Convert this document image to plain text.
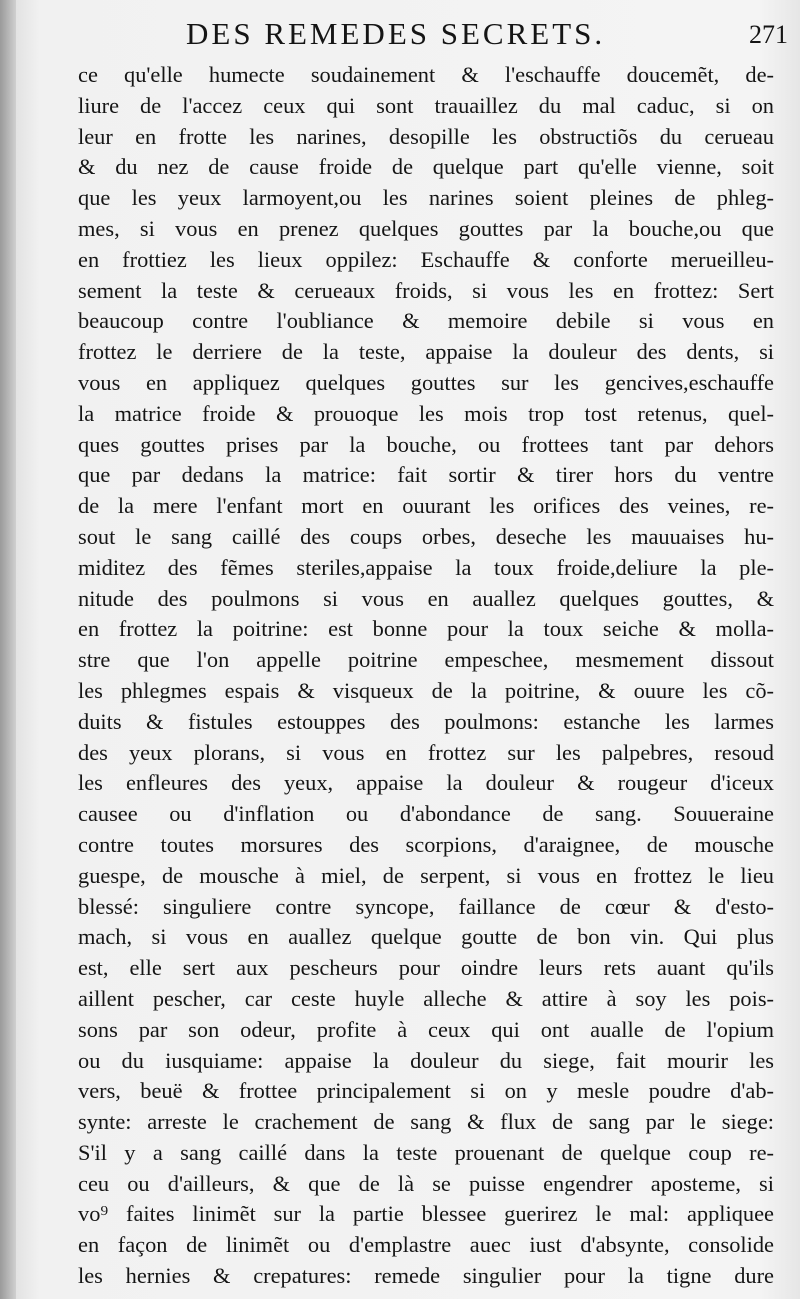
DES REMEDES SECRETS.	271
ce qu'elle humecte soudainement & l'eschauffe doucemẽt, de-
liure de l'accez ceux qui sont trauaillez du mal caduc, si on
leur en frotte les narines, desopille les obstructiõs du cerueau
& du nez de cause froide de quelque part qu'elle vienne, soit
que les yeux larmoyent,ou les narines soient pleines de phleg-
mes, si vous en prenez quelques gouttes par la bouche,ou que
en frottiez les lieux oppilez: Eschauffe & conforte merueilleu-
sement la teste & cerueaux froids, si vous les en frottez: Sert
beaucoup contre l'oubliance & memoire debile si vous en
frottez le derriere de la teste, appaise la douleur des dents, si
vous en appliquez quelques gouttes sur les gencives,eschauffe
la matrice froide & prouoque les mois trop tost retenus, quel-
ques gouttes prises par la bouche, ou frottees tant par dehors
que par dedans la matrice: fait sortir & tirer hors du ventre
de la mere l'enfant mort en ouurant les orifices des veines, re-
sout le sang caillé des coups orbes, deseche les mauuaises hu-
miditez des fẽmes steriles,appaise la toux froide,deliure la ple-
nitude des poulmons si vous en auallez quelques gouttes, &
en frottez la poitrine: est bonne pour la toux seiche & molla-
stre que l'on appelle poitrine empeschee, mesmement dissout
les phlegmes espais & visqueux de la poitrine, & ouure les cõ-
duits & fistules estouppes des poulmons: estanche les larmes
des yeux plorans, si vous en frottez sur les palpebres, resoud
les enfleures des yeux, appaise la douleur & rougeur d'iceux
causee ou d'inflation ou d'abondance de sang. Souueraine
contre toutes morsures des scorpions, d'araignee, de mousche
guespe, de mousche à miel, de serpent, si vous en frottez le lieu
blessé: singuliere contre syncope, faillance de cœur & d'esto-
mach, si vous en auallez quelque goutte de bon vin. Qui plus
est, elle sert aux pescheurs pour oindre leurs rets auant qu'ils
aillent pescher, car ceste huyle alleche & attire à soy les pois-
sons par son odeur, profite à ceux qui ont aualle de l'opium
ou du iusquiame: appaise la douleur du siege, fait mourir les
vers, beuë & frottee principalement si on y mesle poudre d'ab-
synte: arreste le crachement de sang & flux de sang par le siege:
S'il y a sang caillé dans la teste prouenant de quelque coup re-
ceu ou d'ailleurs, & que de là se puisse engendrer aposteme, si
vo⁹ faites linimẽt sur la partie blessee guerirez le mal: appliquee
en façon de linimẽt ou d'emplastre auec iust d'absynte, consolide
les hernies & crepatures: remede singulier pour la tigne dure
